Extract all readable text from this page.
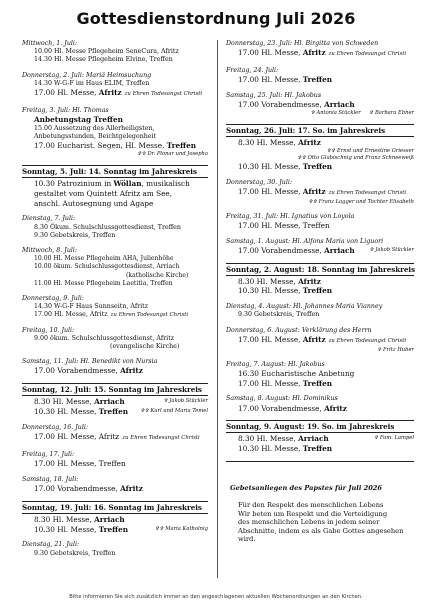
Gottesdienstordnung Juli 2026
Mittwoch, 1. Juli:
10.00 Hl. Messe Pflegeheim SeneCura, Afritz
14.30 Hl. Messe Pflegeheim Elvine, Treffen
Donnerstag, 2. Juli: Mariä Heimsuchung
14.30 W-G-F im Haus ELIM, Treffen
17.00 Hl. Messe, Afritz zu Ehren Todesangst Christi
Freitag, 3. Juli: Hl. Thomas
Anbetungstag Treffen
15.00 Aussetzung des Allerheiligsten,
Anbetungsstunden, Beichtgelegenheit
17.00 Eucharist. Segen, Hl. Messe, Treffen
✞✞ Dr. Plonar und Josepha
Sonntag, 5. Juli: 14. Sonntag im Jahreskreis
10.30 Patrozinium in Wöllan, musikalisch
gestaltet vom Quintett Afritz am See,
anschl. Autosegnung und Agape
Dienstag, 7. Juli:
8.30 Ökum. Schulschlussgottesdienst, Treffen
9.30 Gebetskreis, Treffen
Mittwoch, 8. Juli:
10.00 Hl. Messe Pflegeheim AHA, Julienhöhe
10.00 ökum. Schulschlussgottesdienst, Arriach
(katholische Kirche)
11.00 Hl. Messe Pflegeheim Laetitia, Treffen
Donnerstag, 9. Juli:
14.30 W-G-F Haus Sunnseitn, Afritz
17.00 Hl. Messe, Afritz zu Ehren Todesangst Christi
Freitag, 10. Juli:
9.00 ökum. Schulschlussgottesdienst, Afritz
(evangelische Kirche)
Samstag, 11. Juli: Hl. Benedikt von Nursia
17.00 Vorabendmesse, Afritz
Sonntag, 12. Juli: 15. Sonntag im Jahreskreis
8.30 Hl. Messe, Arriach	✞ Jakob Stückler
10.30 Hl. Messe, Treffen ✞✞ Karl und Maria Temel
Donnerstag, 16. Juli:
17.00 Hl. Messe, Afritz zu Ehren Todesangst Christi
Freitag, 17. Juli:
17.00 Hl. Messe, Treffen
Samstag, 18. Juli:
17.00 Vorabendmesse, Afritz
Sonntag, 19. Juli: 16. Sonntag im Jahreskreis
8.30 Hl. Messe, Arriach
10.30 Hl. Messe, Treffen	✞✞ Maria Katholnig
Dienstag, 21. Juli:
9.30 Gebetskreis, Treffen
Donnerstag, 23. Juli: Hl. Birgitta von Schweden
17.00 Hl. Messe, Afritz zu Ehren Todesangst Christi
Freitag, 24. Juli:
17.00 Hl. Messe, Treffen
Samstag, 25. Juli: Hl. Jakobus
17.00 Vorabendmesse, Arriach
✞ Antonia Stückler ✞ Barbara Ebner
Sonntag, 26. Juli: 17. So. im Jahreskreis
8.30 Hl. Messe, Afritz
✞✞ Ernst und Ernestine Griesser
✞✞ Otto Glabischnig und Franz Schneeweiß
10.30 Hl. Messe, Treffen
Donnerstag, 30. Juli:
17.00 Hl. Messe, Afritz zu Ehren Todesangst Christi
✞✞ Franz Lagger und Tochter Elisabeth
Freitag, 31. Juli: Hl. Ignatius von Loyola
17.00 Hl. Messe, Treffen
Samstag, 1. August: Hl. Alfons Maria von Liguori
17.00 Vorabendmesse, Arriach	✞ Jakob Stückler
Sonntag, 2. August: 18. Sonntag im Jahreskreis
8.30 Hl. Messe, Afritz
10.30 Hl. Messe, Treffen
Dienstag, 4. August: Hl. Johannes Maria Vianney
9.30 Gebetskreis, Treffen
Donnerstag, 6. August: Verklärung des Herrn
17.00 Hl. Messe, Afritz zu Ehren Todesangst Christi
✞ Fritz Huber
Freitag, 7. August: Hl. Jakobus
16.30 Eucharistische Anbetung
17.00 Hl. Messe, Treffen
Samstag, 8. August: Hl. Dominikus
17.00 Vorabendmesse, Afritz
Sonntag, 9. August: 19. So. im Jahreskreis
8.30 Hl. Messe, Arriach	✞ Fam. Lampel
10.30 Hl. Messe, Treffen
Gebetsanliegen des Papstes für Juli 2026
Für den Respekt des menschlichen Lebens
Wir beten um Respekt und die Verteidigung
des menschlichen Lebens in jedem seiner
Abschnitte, indem es als Gabe Gottes angesehen
wird.
Bitte informieren Sie sich zusätzlich immer an den angeschlagenen aktuellen Wochenordnungen an den Kirchen.
